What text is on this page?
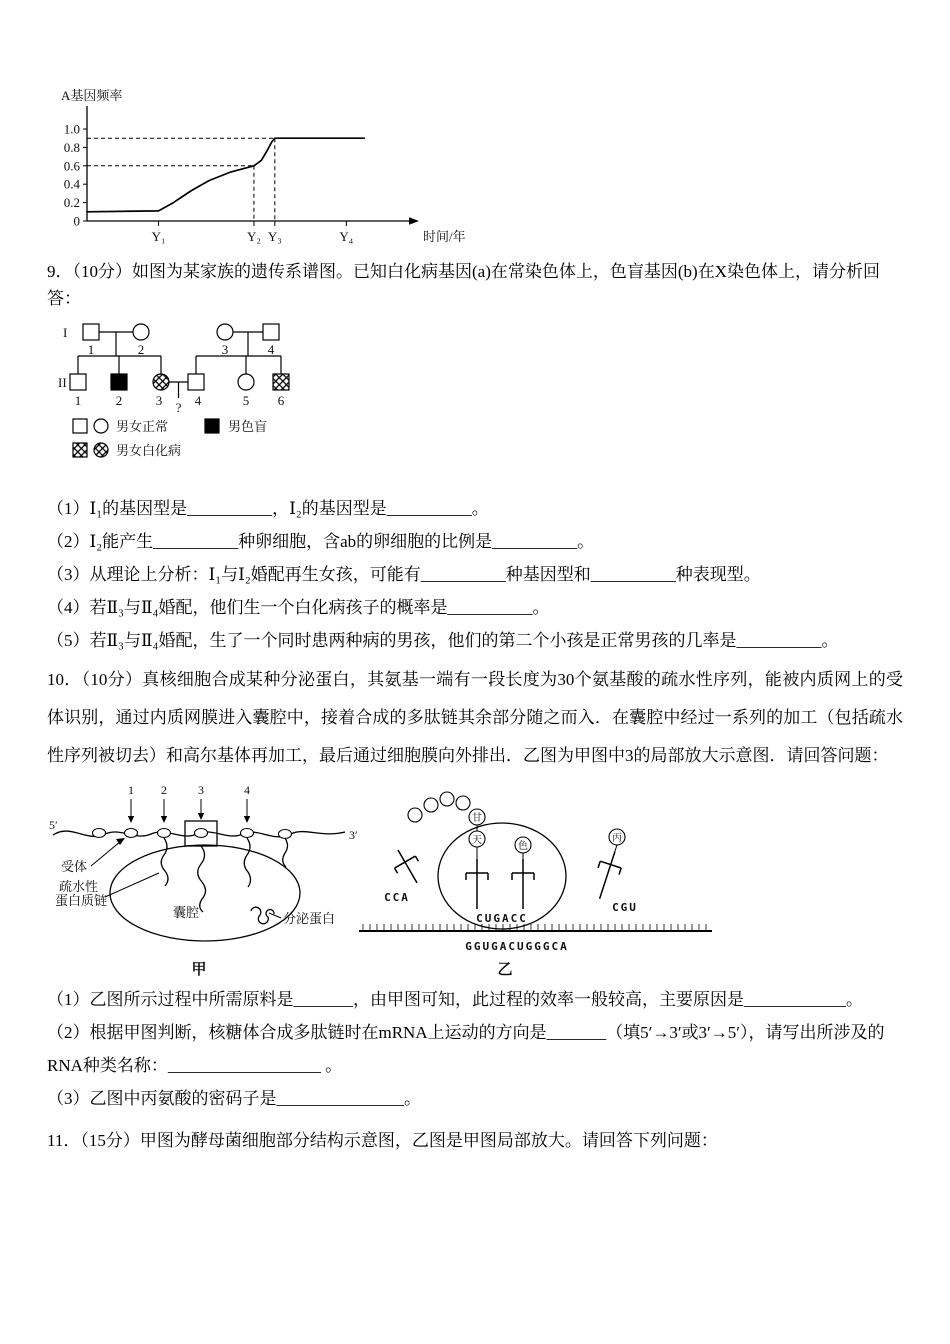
0
0.2
0.4
0.6
0.8
1.0
Y₁	Y₂ Y₃	Y₄
A基因频率
时间/年

9．（10分）如图为某家族的遗传系谱图。已知白化病基因(a)在常染色体上，色盲基因(b)在X染色体上，请分析回答：

I
II
1	2	3	4
1	2	3	4	5 6
?
男女正常	男色盲
男女白化病

（1）Ⅰ₁的基因型是__________，Ⅰ₂的基因型是__________。

（2）Ⅰ₂能产生__________种卵细胞，含ab的卵细胞的比例是__________。

（3）从理论上分析：Ⅰ₁与Ⅰ₂婚配再生女孩，可能有__________种基因型和__________种表现型。

（4）若Ⅱ₃与Ⅱ₄婚配，他们生一个白化病孩子的概率是__________。

（5）若Ⅱ₃与Ⅱ₄婚配，生了一个同时患两种病的男孩，他们的第二个小孩是正常男孩的几率是__________。

10．（10分）真核细胞合成某种分泌蛋白，其氨基一端有一段长度为30个氨基酸的疏水性序列，能被内质网上的受体识别，通过内质网膜进入囊腔中，接着合成的多肽链其余部分随之而入．在囊腔中经过一系列的加工（包括疏水性序列被切去）和高尔基体再加工，最后通过细胞膜向外排出．乙图为甲图中3的局部放大示意图．请回答问题：

1 2	3	4
5′
3′
受体
疏水性
蛋白质链
囊腔	分泌蛋白
甲
甘
天
色
丙
CCA
CUGACC
GGUGACUGGGCA
CGU
乙

（1）乙图所示过程中所需原料是_______，由甲图可知，此过程的效率一般较高，主要原因是____________。

（2）根据甲图判断，核糖体合成多肽链时在mRNA上运动的方向是_______（填5′→3′或3′→5′），请写出所涉及的RNA种类名称：__________________ 。

（3）乙图中丙氨酸的密码子是_______________。

11．（15分）甲图为酵母菌细胞部分结构示意图，乙图是甲图局部放大。请回答下列问题：
